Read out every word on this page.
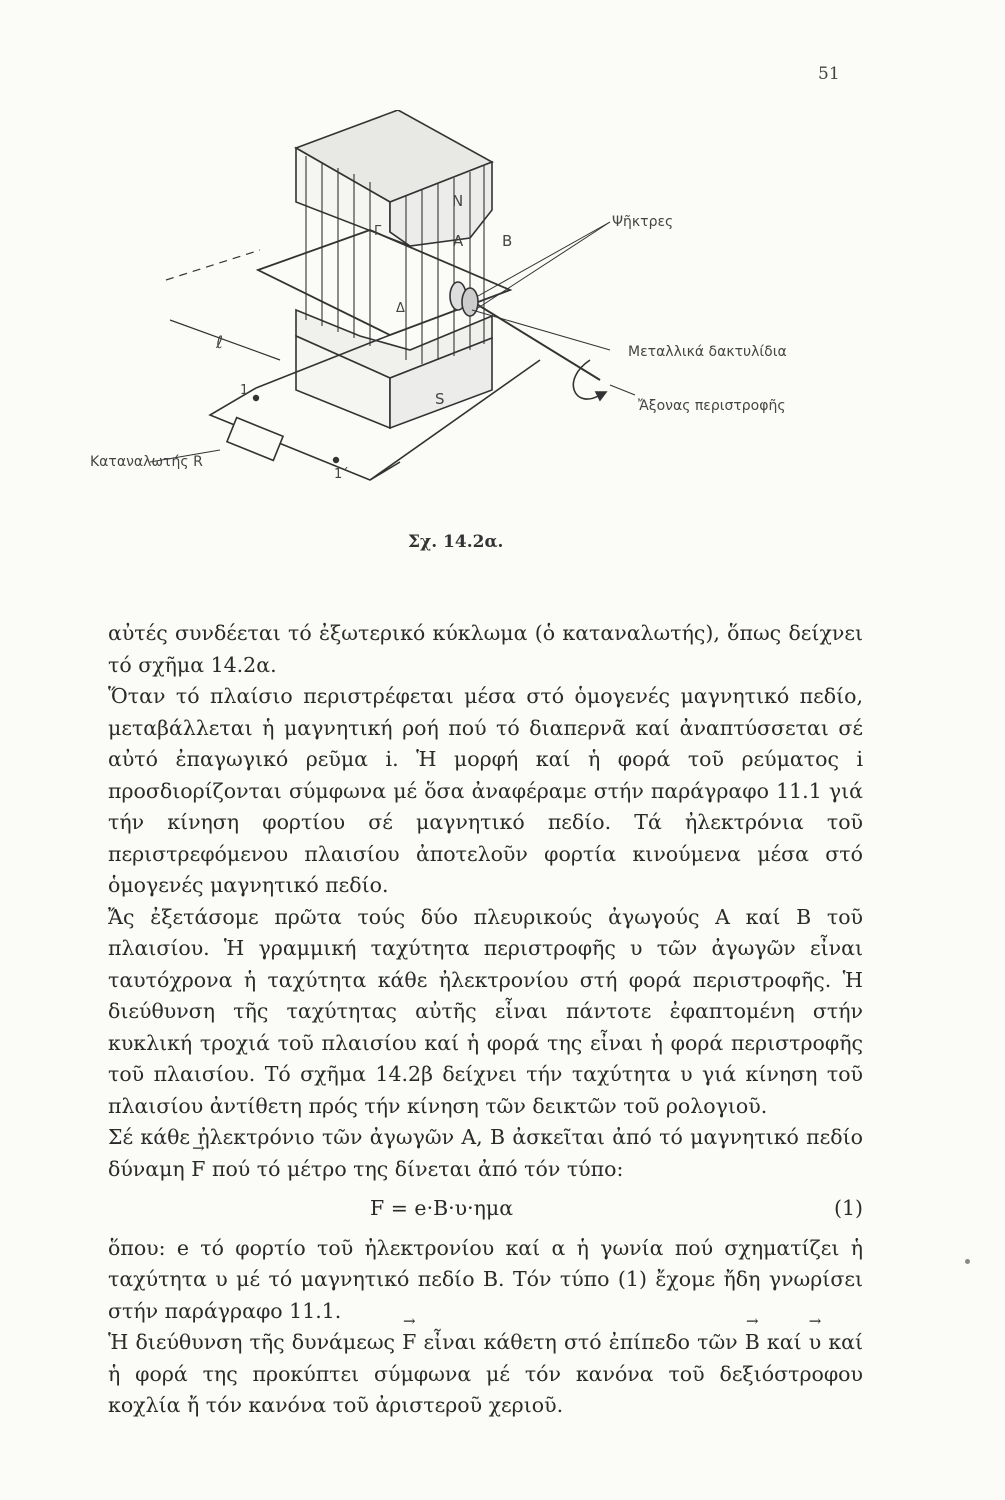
51
N
S
B
A
Γ
Δ
ℓ
1
1΄
Ψῆκτρες
Μεταλλικά δακτυλίδια
Ἄξονας περιστροφῆς
Καταναλωτής R
Σχ. 14.2α.

αὐτές συνδέεται τό ἐξωτερικό κύκλωμα (ὁ καταναλωτής), ὅπως δείχνει τό σχῆμα 14.2α.

Ὅταν τό πλαίσιο περιστρέφεται μέσα στό ὁμογενές μαγνητικό πεδίο, μεταβάλλεται ἡ μαγνητική ροή πού τό διαπερνᾶ καί ἀναπτύσσεται σέ αὐτό ἐπαγωγικό ρεῦμα i. Ἡ μορφή καί ἡ φορά τοῦ ρεύματος i προσδιορίζονται σύμφωνα μέ ὅσα ἀναφέραμε στήν παράγραφο 11.1 γιά τήν κίνηση φορτίου σέ μαγνητικό πεδίο. Τά ἠλεκτρόνια τοῦ περιστρεφόμενου πλαισίου ἀποτελοῦν φορτία κινούμενα μέσα στό ὁμογενές μαγνητικό πεδίο.

Ἄς ἐξετάσομε πρῶτα τούς δύο πλευρικούς ἀγωγούς Α καί Β τοῦ πλαισίου. Ἡ γραμμική ταχύτητα περιστροφῆς υ τῶν ἀγωγῶν εἶναι ταυτόχρονα ἡ ταχύτητα κάθε ἠλεκτρονίου στή φορά περιστροφῆς. Ἡ διεύθυνση τῆς ταχύτητας αὐτῆς εἶναι πάντοτε ἐφαπτομένη στήν κυκλική τροχιά τοῦ πλαισίου καί ἡ φορά της εἶναι ἡ φορά περιστροφῆς τοῦ πλαισίου. Τό σχῆμα 14.2β δείχνει τήν ταχύτητα υ γιά κίνηση τοῦ πλαισίου ἀντίθετη πρός τήν κίνηση τῶν δεικτῶν τοῦ ρολογιοῦ.

Σέ κάθε ἠλεκτρόνιο τῶν ἀγωγῶν Α, Β ἀσκεῖται ἀπό τό μαγνητικό πεδίο δύναμη → F πού τό μέτρο της δίνεται ἀπό τόν τύπο:

F = e·B·υ·ημα	(1)

ὅπου: e τό φορτίο τοῦ ἠλεκτρονίου καί α ἡ γωνία πού σχηματίζει ἡ ταχύτητα υ μέ τό μαγνητικό πεδίο Β. Τόν τύπο (1) ἔχομε ἤδη γνωρίσει στήν παράγραφο 11.1.

Ἡ διεύθυνση τῆς δυνάμεως → F εἶναι κάθετη στό ἐπίπεδο τῶν → B καί → υ καί ἡ φορά της προκύπτει σύμφωνα μέ τόν κανόνα τοῦ δεξιόστροφου κοχλία ἤ τόν κανόνα τοῦ ἀριστεροῦ χεριοῦ.
